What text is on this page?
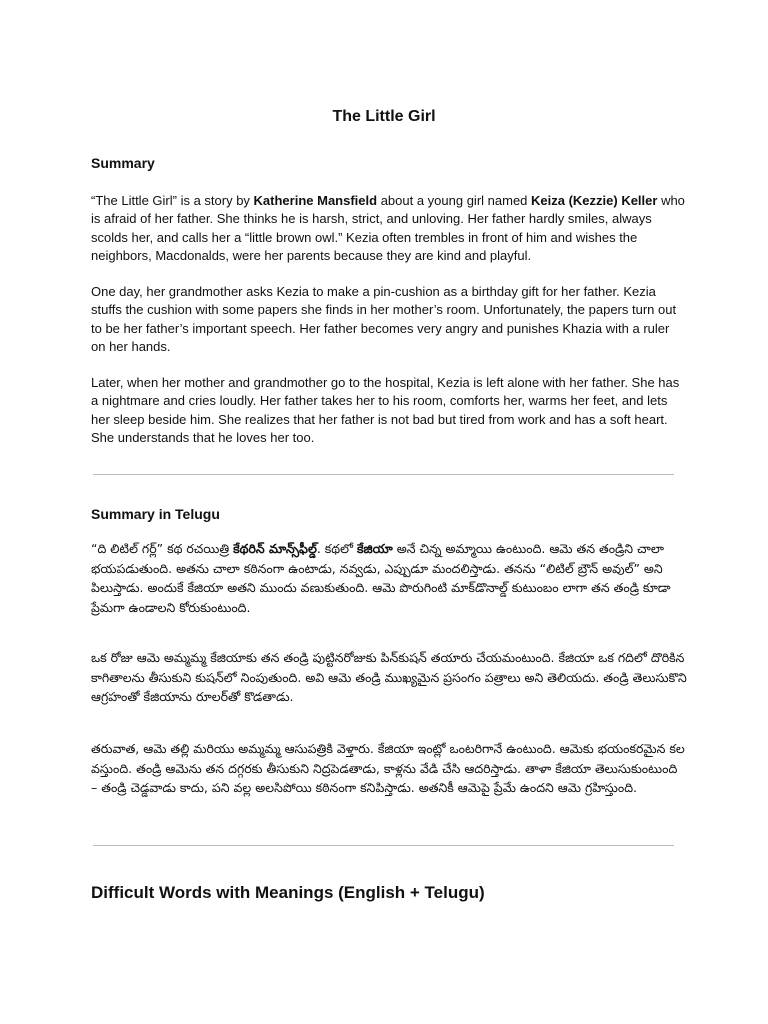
The Little Girl
Summary

“The Little Girl” is a story by Katherine Mansfield about a young girl named Keiza (Kezzie) Keller who is afraid of her father. She thinks he is harsh, strict, and unloving. Her father hardly smiles, always scolds her, and calls her a “little brown owl.” Kezia often trembles in front of him and wishes the neighbors, Macdonalds, were her parents because they are kind and playful.

One day, her grandmother asks Kezia to make a pin-cushion as a birthday gift for her father. Kezia stuffs the cushion with some papers she finds in her mother’s room. Unfortunately, the papers turn out to be her father’s important speech. Her father becomes very angry and punishes Khazia with a ruler on her hands.

Later, when her mother and grandmother go to the hospital, Kezia is left alone with her father. She has a nightmare and cries loudly. Her father takes her to his room, comforts her, warms her feet, and lets her sleep beside him. She realizes that her father is not bad but tired from work and has a soft heart. She understands that he loves her too.

Summary in Telugu

“ది లిటిల్ గర్ల్” కథ రచయిత్రి కేథరిన్ మాన్స్‌ఫీల్డ్. కథలో కేజియా అనే చిన్న అమ్మాయి ఉంటుంది. ఆమె తన తండ్రిని చాలా భయపడుతుంది. అతను చాలా కఠినంగా ఉంటాడు, నవ్వడు, ఎప్పుడూ మందలిస్తాడు. తనను “లిటిల్ బ్రౌన్ అవుల్” అని పిలుస్తాడు. అందుకే కేజియా అతని ముందు వణుకుతుంది. ఆమె పొరుగింటి మాక్‌డొనాల్డ్ కుటుంబం లాగా తన తండ్రి కూడా ప్రేమగా ఉండాలని కోరుకుంటుంది.

ఒక రోజు ఆమె అమ్మమ్మ కేజియాకు తన తండ్రి పుట్టినరోజుకు పిన్‌కుషన్ తయారు చేయమంటుంది. కేజియా ఒక గదిలో దొరికిన కాగితాలను తీసుకుని కుషన్‌లో నింపుతుంది. అవి ఆమె తండ్రి ముఖ్యమైన ప్రసంగం పత్రాలు అని తెలియదు. తండ్రి తెలుసుకొని ఆగ్రహంతో కేజియాను రూలర్‌తో కొడతాడు.

తరువాత, ఆమె తల్లి మరియు అమ్మమ్మ ఆసుపత్రికి వెళ్తారు. కేజియా ఇంట్లో ఒంటరిగానే ఉంటుంది. ఆమెకు భయంకరమైన కల వస్తుంది. తండ్రి ఆమెను తన దగ్గరకు తీసుకుని నిద్రపెడతాడు, కాళ్లను వేడి చేసి ఆదరిస్తాడు. తాళా కేజియా తెలుసుకుంటుంది – తండ్రి చెడ్డవాడు కాదు, పని వల్ల అలసిపోయి కఠినంగా కనిపిస్తాడు. అతనికీ ఆమెపై ప్రేమే ఉందని ఆమె గ్రహిస్తుంది.

Difficult Words with Meanings (English + Telugu)
